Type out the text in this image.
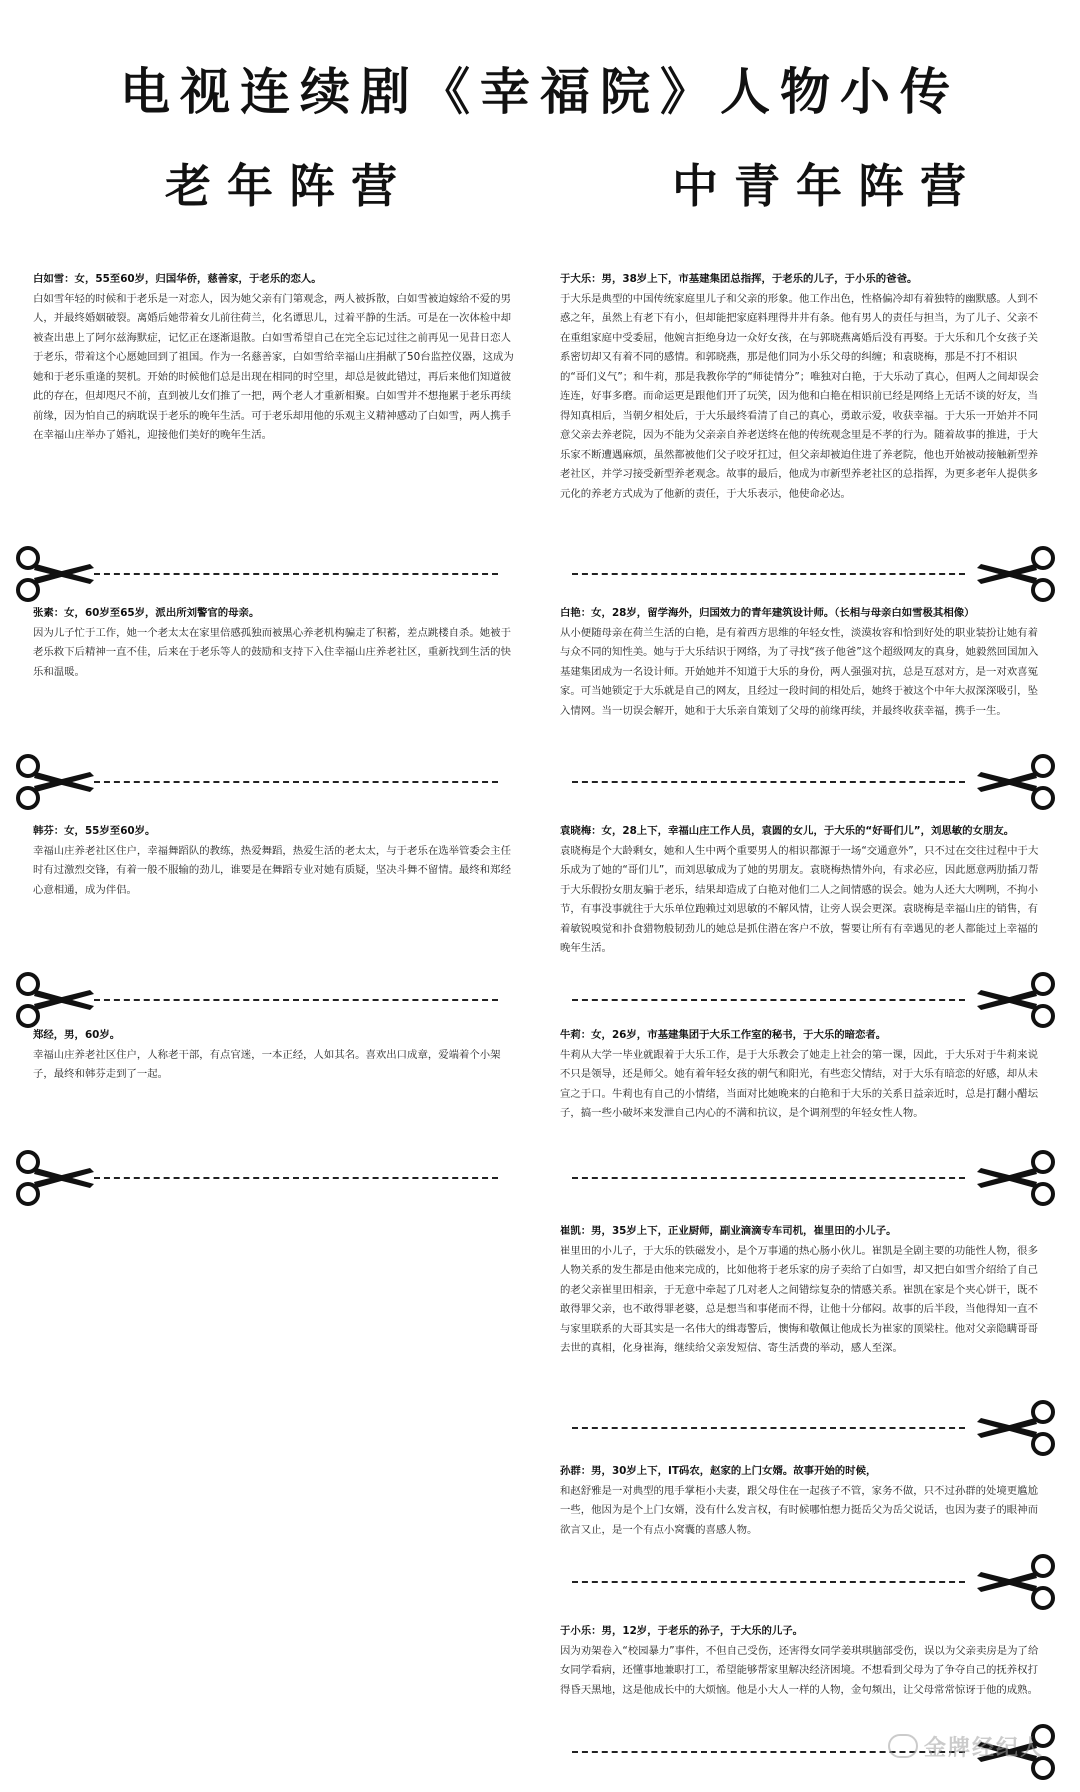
电视连续剧《幸福院》人物小传
老年阵营	中青年阵营
白如雪：女，55至60岁，归国华侨，慈善家，于老乐的恋人。
白如雪年轻的时候和于老乐是一对恋人，因为她父亲有门第观念，两人被拆散，白如雪被迫嫁给不爱的男人，并最终婚姻破裂。离婚后她带着女儿前往荷兰，化名谭思儿，过着平静的生活。可是在一次体检中却被查出患上了阿尔兹海默症，记忆正在逐渐退散。白如雪希望自己在完全忘记过往之前再见一见昔日恋人于老乐，带着这个心愿她回到了祖国。作为一名慈善家，白如雪给幸福山庄捐献了50台监控仪器，这成为她和于老乐重逢的契机。开始的时候他们总是出现在相同的时空里，却总是彼此错过，再后来他们知道彼此的存在，但却咫尺不前，直到被儿女们推了一把，两个老人才重新相聚。白如雪并不想拖累于老乐再续前缘，因为怕自己的病耽误于老乐的晚年生活。可于老乐却用他的乐观主义精神感动了白如雪，两人携手在幸福山庄举办了婚礼，迎接他们美好的晚年生活。
张素：女，60岁至65岁，派出所刘警官的母亲。
因为儿子忙于工作，她一个老太太在家里倍感孤独而被黑心养老机构骗走了积蓄，差点跳楼自杀。她被于老乐救下后精神一直不佳，后来在于老乐等人的鼓励和支持下入住幸福山庄养老社区，重新找到生活的快乐和温暖。
韩芬：女，55岁至60岁。
幸福山庄养老社区住户，幸福舞蹈队的教练，热爱舞蹈，热爱生活的老太太，与于老乐在选举管委会主任时有过激烈交锋，有着一般不服输的劲儿，谁要是在舞蹈专业对她有质疑，坚决斗舞不留情。最终和郑经心意相通，成为伴侣。
郑经，男，60岁。
幸福山庄养老社区住户，人称老干部，有点官迷，一本正经，人如其名。喜欢出口成章，爱端着个小架子，最终和韩芬走到了一起。
于大乐：男，38岁上下，市基建集团总指挥，于老乐的儿子，于小乐的爸爸。
于大乐是典型的中国传统家庭里儿子和父亲的形象。他工作出色，性格偏冷却有着独特的幽默感。人到不惑之年，虽然上有老下有小，但却能把家庭料理得井井有条。他有男人的责任与担当，为了儿子、父亲不在重组家庭中受委屈，他婉言拒绝身边一众好女孩，在与郭晓燕离婚后没有再娶。于大乐和几个女孩子关系密切却又有着不同的感情。和郭晓燕，那是他们同为小乐父母的纠缠；和袁晓梅，那是不打不相识的“哥们义气”；和牛莉，那是我教你学的“师徒情分”；唯独对白艳，于大乐动了真心，但两人之间却误会连连，好事多磨。而命运更是跟他们开了玩笑，因为他和白艳在相识前已经是网络上无话不谈的好友，当得知真相后，当朝夕相处后，于大乐最终看清了自己的真心，勇敢示爱，收获幸福。于大乐一开始并不同意父亲去养老院，因为不能为父亲亲自养老送终在他的传统观念里是不孝的行为。随着故事的推进，于大乐家不断遭遇麻烦，虽然都被他们父子咬牙扛过，但父亲却被迫住进了养老院，他也开始被动接触新型养老社区，并学习接受新型养老观念。故事的最后，他成为市新型养老社区的总指挥，为更多老年人提供多元化的养老方式成为了他新的责任，于大乐表示，他使命必达。
白艳：女，28岁，留学海外，归国效力的青年建筑设计师。（长相与母亲白如雪极其相像）
从小便随母亲在荷兰生活的白艳，是有着西方思维的年轻女性，淡漠妆容和恰到好处的职业装扮让她有着与众不同的知性美。她与于大乐结识于网络，为了寻找“孩子他爸”这个超级网友的真身，她毅然回国加入基建集团成为一名设计师。开始她并不知道于大乐的身份，两人强强对抗，总是互怼对方，是一对欢喜冤家。可当她锁定于大乐就是自己的网友，且经过一段时间的相处后，她终于被这个中年大叔深深吸引，坠入情网。当一切误会解开，她和于大乐亲自策划了父母的前缘再续，并最终收获幸福，携手一生。
袁晓梅：女，28上下，幸福山庄工作人员，袁圆的女儿，于大乐的“好哥们儿”，刘思敏的女朋友。
袁晓梅是个大龄剩女，她和人生中两个重要男人的相识都源于一场“交通意外”，只不过在交往过程中于大乐成为了她的“哥们儿”，而刘思敏成为了她的男朋友。袁晓梅热情外向，有求必应，因此愿意两肋插刀帮于大乐假扮女朋友骗于老乐，结果却造成了白艳对他们二人之间情感的误会。她为人还大大咧咧，不拘小节，有事没事就往于大乐单位跑赖过刘思敏的不解风情，让旁人误会更深。袁晓梅是幸福山庄的销售，有着敏锐嗅觉和扑食猎物般韧劲儿的她总是抓住潜在客户不放，誓要让所有有幸遇见的老人都能过上幸福的晚年生活。
牛莉：女，26岁，市基建集团于大乐工作室的秘书，于大乐的暗恋者。
牛莉从大学一毕业就跟着于大乐工作，是于大乐教会了她走上社会的第一课，因此，于大乐对于牛莉来说不只是领导，还是师父。她有着年轻女孩的朝气和阳光，有些恋父情结，对于大乐有暗恋的好感，却从未宣之于口。牛莉也有自己的小情绪，当面对比她晚来的白艳和于大乐的关系日益亲近时，总是打翻小醋坛子，搞一些小破坏来发泄自己内心的不满和抗议，是个调剂型的年轻女性人物。
崔凯：男，35岁上下，正业厨师，副业滴滴专车司机，崔里田的小儿子。
崔里田的小儿子，于大乐的铁磁发小，是个万事通的热心肠小伙儿。崔凯是全剧主要的功能性人物，很多人物关系的发生都是由他来完成的，比如他将于老乐家的房子卖给了白如雪，却又把白如雪介绍给了自己的老父亲崔里田相亲，于无意中牵起了几对老人之间错综复杂的情感关系。崔凯在家是个夹心饼干，既不敢得罪父亲，也不敢得罪老婆，总是想当和事佬而不得，让他十分郁闷。故事的后半段，当他得知一直不与家里联系的大哥其实是一名伟大的缉毒警后，懊悔和敬佩让他成长为崔家的顶梁柱。他对父亲隐瞒哥哥去世的真相，化身崔海，继续给父亲发短信、寄生活费的举动，感人至深。
孙群：男，30岁上下，IT码农，赵家的上门女婿。故事开始的时候，
和赵舒雅是一对典型的甩手掌柜小夫妻，跟父母住在一起孩子不管，家务不做，只不过孙群的处境更尴尬一些，他因为是个上门女婿，没有什么发言权，有时候哪怕想力挺岳父为岳父说话，也因为妻子的眼神而欲言又止，是一个有点小窝囊的喜感人物。
于小乐：男，12岁，于老乐的孙子，于大乐的儿子。
因为劝架卷入“校园暴力”事件，不但自己受伤，还害得女同学姜琪琪脑部受伤，误以为父亲卖房是为了给女同学看病，还懂事地兼职打工，希望能够帮家里解决经济困境。不想看到父母为了争夺自己的抚养权打得昏天黑地，这是他成长中的大烦恼。他是小大人一样的人物，金句频出，让父母常常惊讶于他的成熟。
金牌经纪人
